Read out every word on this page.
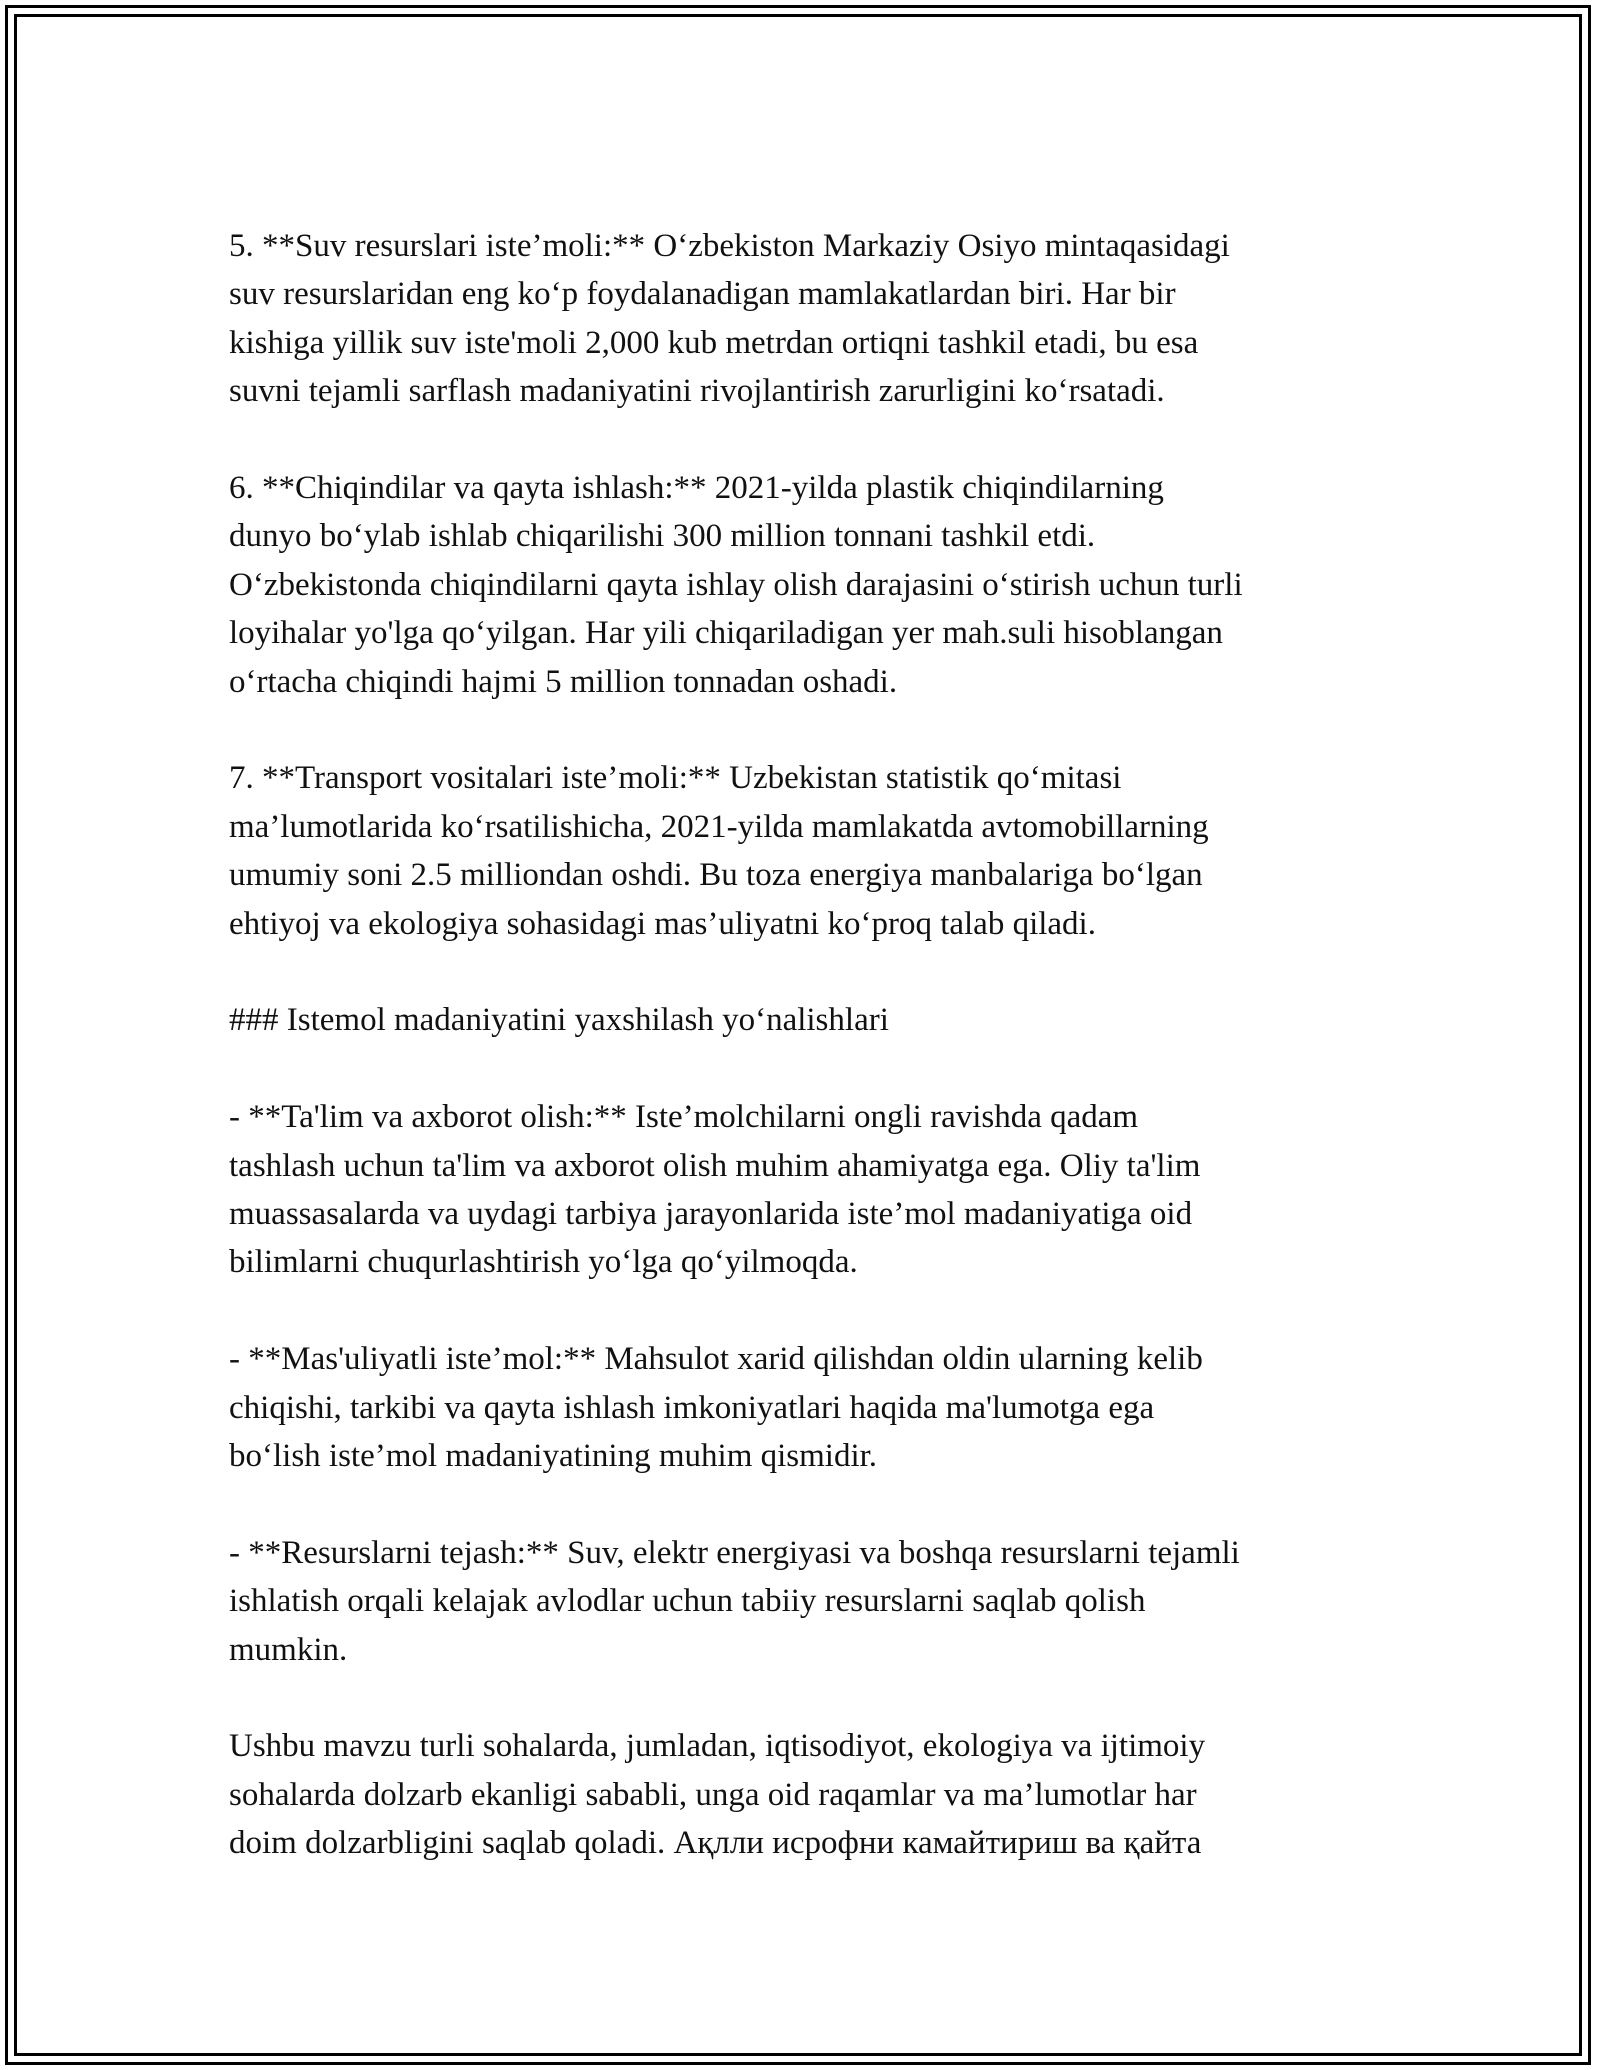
5. **Suv resurslari iste’moli:** O‘zbekiston Markaziy Osiyo mintaqasidagi
suv resurslaridan eng ko‘p foydalanadigan mamlakatlardan biri. Har bir
kishiga yillik suv iste'moli 2,000 kub metrdan ortiqni tashkil etadi, bu esa
suvni tejamli sarflash madaniyatini rivojlantirish zarurligini ko‘rsatadi.

6. **Chiqindilar va qayta ishlash:** 2021-yilda plastik chiqindilarning
dunyo bo‘ylab ishlab chiqarilishi 300 million tonnani tashkil etdi.
O‘zbekistonda chiqindilarni qayta ishlay olish darajasini o‘stirish uchun turli
loyihalar yo'lga qo‘yilgan. Har yili chiqariladigan yer mah.suli hisoblangan
o‘rtacha chiqindi hajmi 5 million tonnadan oshadi.

7. **Transport vositalari iste’moli:** Uzbekistan statistik qo‘mitasi
ma’lumotlarida ko‘rsatilishicha, 2021-yilda mamlakatda avtomobillarning
umumiy soni 2.5 milliondan oshdi. Bu toza energiya manbalariga bo‘lgan
ehtiyoj va ekologiya sohasidagi mas’uliyatni ko‘proq talab qiladi.

### Istemol madaniyatini yaxshilash yo‘nalishlari

- **Ta'lim va axborot olish:** Iste’molchilarni ongli ravishda qadam
tashlash uchun ta'lim va axborot olish muhim ahamiyatga ega. Oliy ta'lim
muassasalarda va uydagi tarbiya jarayonlarida iste’mol madaniyatiga oid
bilimlarni chuqurlashtirish yo‘lga qo‘yilmoqda.

- **Mas'uliyatli iste’mol:** Mahsulot xarid qilishdan oldin ularning kelib
chiqishi, tarkibi va qayta ishlash imkoniyatlari haqida ma'lumotga ega
bo‘lish iste’mol madaniyatining muhim qismidir.

- **Resurslarni tejash:** Suv, elektr energiyasi va boshqa resurslarni tejamli
ishlatish orqali kelajak avlodlar uchun tabiiy resurslarni saqlab qolish
mumkin.

Ushbu mavzu turli sohalarda, jumladan, iqtisodiyot, ekologiya va ijtimoiy
sohalarda dolzarb ekanligi sababli, unga oid raqamlar va ma’lumotlar har
doim dolzarbligini saqlab qoladi. Ақлли исрофни камайтириш ва қайта
